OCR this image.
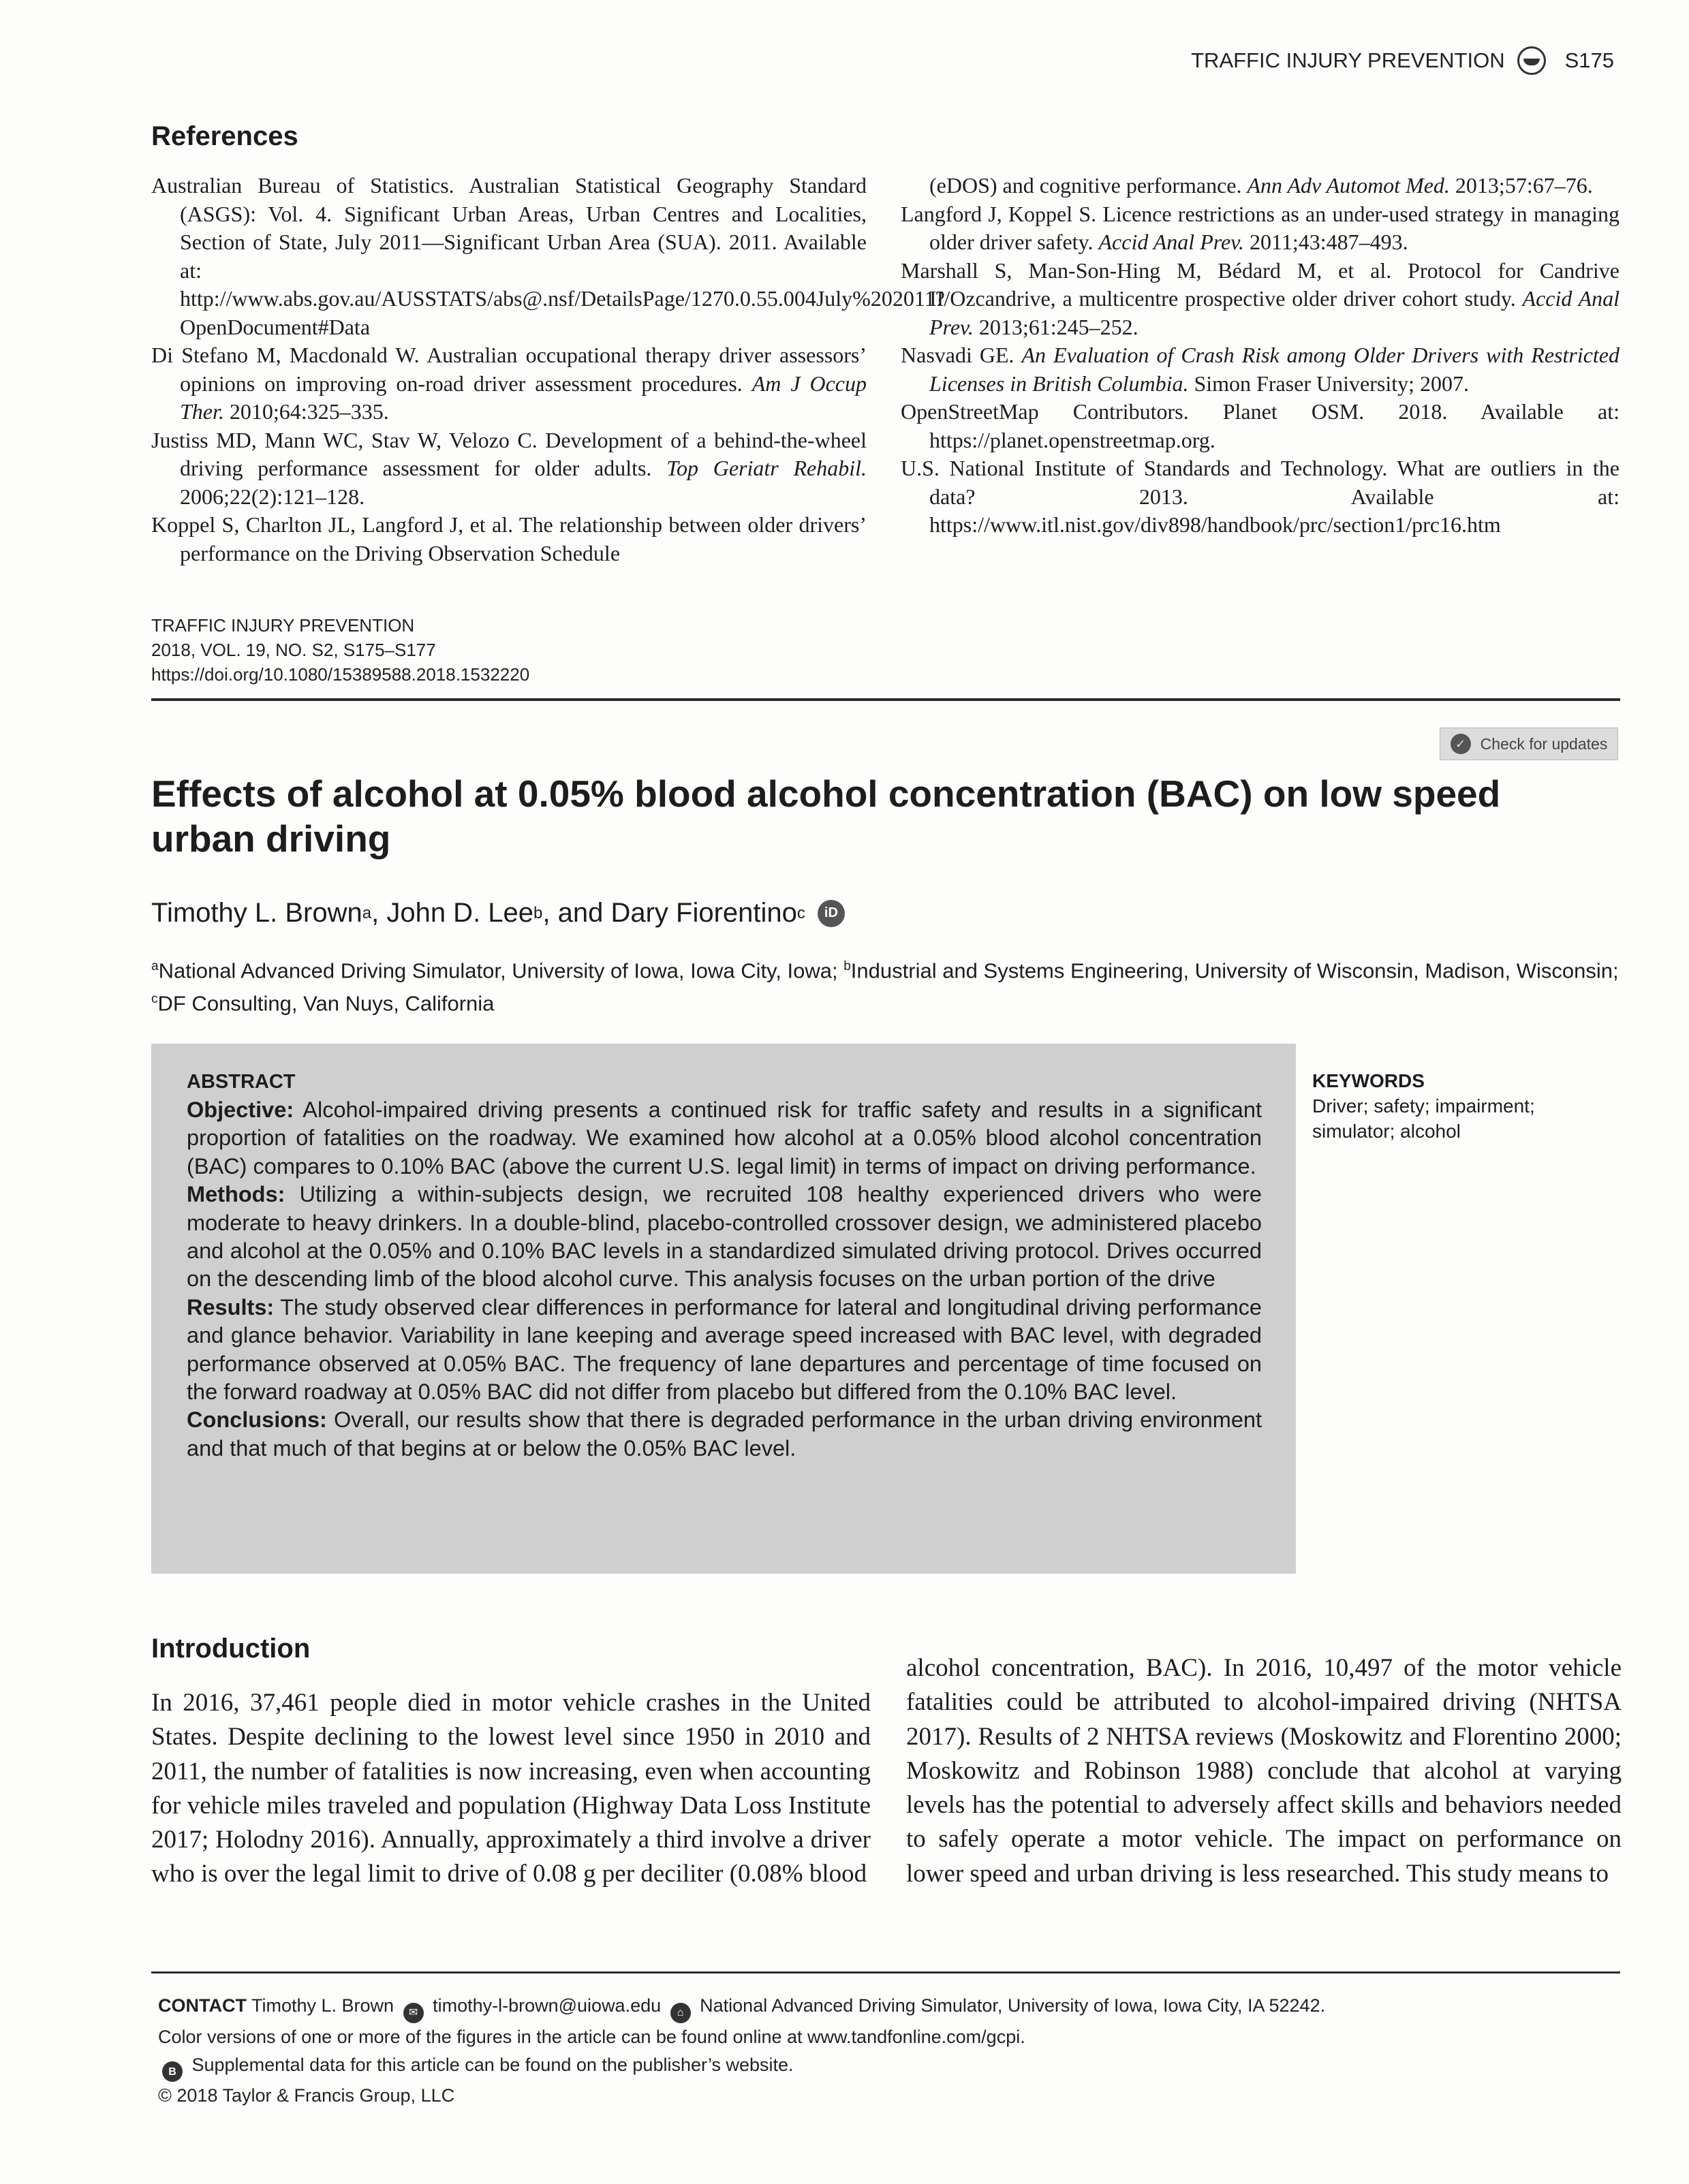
TRAFFIC INJURY PREVENTION	S175
References

Australian Bureau of Statistics. Australian Statistical Geography Standard (ASGS): Vol. 4. Significant Urban Areas, Urban Centres and Localities, Section of State, July 2011—Significant Urban Area (SUA). 2011. Available at: http://www.abs.gov.au/AUSSTATS/abs@.nsf/DetailsPage/1270.0.55.004July%202011?OpenDocument#Data

Di Stefano M, Macdonald W. Australian occupational therapy driver assessors’ opinions on improving on-road driver assessment procedures. Am J Occup Ther. 2010;64:325–335.

Justiss MD, Mann WC, Stav W, Velozo C. Development of a behind-the-wheel driving performance assessment for older adults. Top Geriatr Rehabil. 2006;22(2):121–128.

Koppel S, Charlton JL, Langford J, et al. The relationship between older drivers’ performance on the Driving Observation Schedule

(eDOS) and cognitive performance. Ann Adv Automot Med. 2013;57:67–76.

Langford J, Koppel S. Licence restrictions as an under-used strategy in managing older driver safety. Accid Anal Prev. 2011;43:487–493.

Marshall S, Man-Son-Hing M, Bédard M, et al. Protocol for Candrive II/Ozcandrive, a multicentre prospective older driver cohort study. Accid Anal Prev. 2013;61:245–252.

Nasvadi GE. An Evaluation of Crash Risk among Older Drivers with Restricted Licenses in British Columbia. Simon Fraser University; 2007.

OpenStreetMap Contributors. Planet OSM. 2018. Available at: https://planet.openstreetmap.org.

U.S. National Institute of Standards and Technology. What are outliers in the data? 2013. Available at: https://www.itl.nist.gov/div898/handbook/prc/section1/prc16.htm

TRAFFIC INJURY PREVENTION
2018, VOL. 19, NO. S2, S175–S177
https://doi.org/10.1080/15389588.2018.1532220
✓ Check for updates
Effects of alcohol at 0.05% blood alcohol concentration (BAC) on low speed urban driving
Timothy L. Brown a , John D. Lee b , and Dary Fiorentino c	iD
$^a$National Advanced Driving Simulator, University of Iowa, Iowa City, Iowa; $^b$Industrial and Systems Engineering, University of Wisconsin, Madison, Wisconsin; $^c$DF Consulting, Van Nuys, California
ABSTRACT

Objective: Alcohol-impaired driving presents a continued risk for traffic safety and results in a significant proportion of fatalities on the roadway. We examined how alcohol at a 0.05% blood alcohol concentration (BAC) compares to 0.10% BAC (above the current U.S. legal limit) in terms of impact on driving performance.

Methods: Utilizing a within-subjects design, we recruited 108 healthy experienced drivers who were moderate to heavy drinkers. In a double-blind, placebo-controlled crossover design, we administered placebo and alcohol at the 0.05% and 0.10% BAC levels in a standardized simulated driving protocol. Drives occurred on the descending limb of the blood alcohol curve. This analysis focuses on the urban portion of the drive

Results: The study observed clear differences in performance for lateral and longitudinal driving performance and glance behavior. Variability in lane keeping and average speed increased with BAC level, with degraded performance observed at 0.05% BAC. The frequency of lane departures and percentage of time focused on the forward roadway at 0.05% BAC did not differ from placebo but differed from the 0.10% BAC level.

Conclusions: Overall, our results show that there is degraded performance in the urban driving environment and that much of that begins at or below the 0.05% BAC level.

KEYWORDS
Driver; safety; impairment; simulator; alcohol
Introduction

In 2016, 37,461 people died in motor vehicle crashes in the United States. Despite declining to the lowest level since 1950 in 2010 and 2011, the number of fatalities is now increasing, even when accounting for vehicle miles traveled and population (Highway Data Loss Institute 2017; Holodny 2016). Annually, approximately a third involve a driver who is over the legal limit to drive of 0.08 g per deciliter (0.08% blood

alcohol concentration, BAC). In 2016, 10,497 of the motor vehicle fatalities could be attributed to alcohol-impaired driving (NHTSA 2017). Results of 2 NHTSA reviews (Moskowitz and Florentino 2000; Moskowitz and Robinson 1988) conclude that alcohol at varying levels has the potential to adversely affect skills and behaviors needed to safely operate a motor vehicle. The impact on performance on lower speed and urban driving is less researched. This study means to

CONTACT Timothy L. Brown ✉ timothy-l-brown@uiowa.edu ⌂ National Advanced Driving Simulator, University of Iowa, Iowa City, IA 52242.
Color versions of one or more of the figures in the article can be found online at www.tandfonline.com/gcpi.
B Supplemental data for this article can be found on the publisher’s website.
© 2018 Taylor & Francis Group, LLC
